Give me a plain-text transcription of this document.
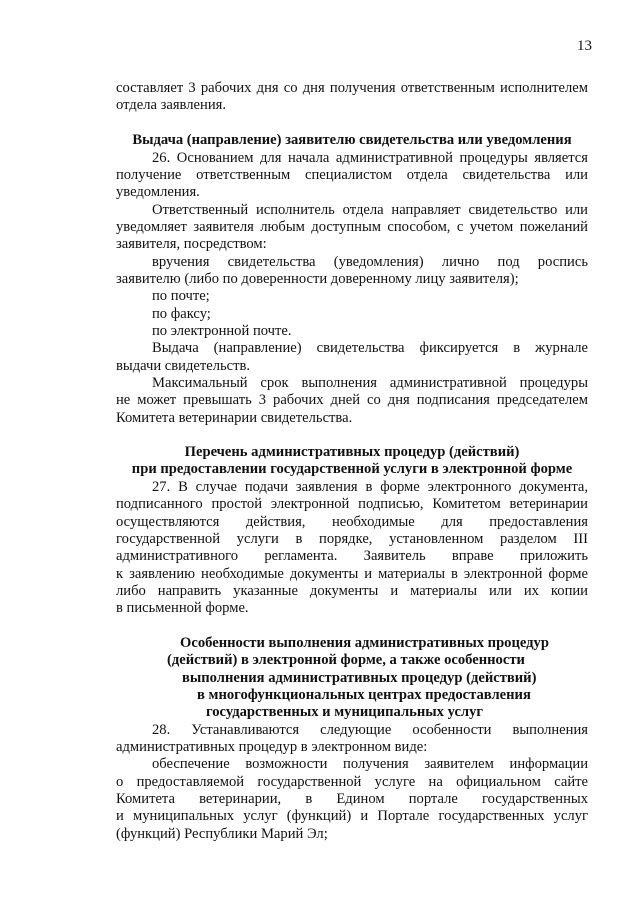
13
составляет 3 рабочих дня со дня получения ответственным исполнителем
отдела заявления.
Выдача (направление) заявителю свидетельства или уведомления
26. Основанием для начала административной процедуры является
получение ответственным специалистом отдела свидетельства или
уведомления.
Ответственный исполнитель отдела направляет свидетельство или
уведомляет заявителя любым доступным способом, с учетом пожеланий
заявителя, посредством:
вручения свидетельства (уведомления) лично под роспись
заявителю (либо по доверенности доверенному лицу заявителя);
по почте;
по факсу;
по электронной почте.
Выдача (направление) свидетельства фиксируется в журнале
выдачи свидетельств.
Максимальный срок выполнения административной процедуры
не может превышать 3 рабочих дней со дня подписания председателем
Комитета ветеринарии свидетельства.
Перечень административных процедур (действий)
при предоставлении государственной услуги в электронной форме
27. В случае подачи заявления в форме электронного документа,
подписанного простой электронной подписью, Комитетом ветеринарии
осуществляются действия, необходимые для предоставления
государственной услуги в порядке, установленном разделом III
административного регламента. Заявитель вправе приложить
к заявлению необходимые документы и материалы в электронной форме
либо направить указанные документы и материалы или их копии
в письменной форме.
Особенности выполнения административных процедур
(действий) в электронной форме, а также особенности
выполнения административных процедур (действий)
в многофункциональных центрах предоставления
государственных и муниципальных услуг
28. Устанавливаются следующие особенности выполнения
административных процедур в электронном виде:
обеспечение возможности получения заявителем информации
о предоставляемой государственной услуге на официальном сайте
Комитета ветеринарии, в Едином портале государственных
и муниципальных услуг (функций) и Портале государственных услуг
(функций) Республики Марий Эл;
